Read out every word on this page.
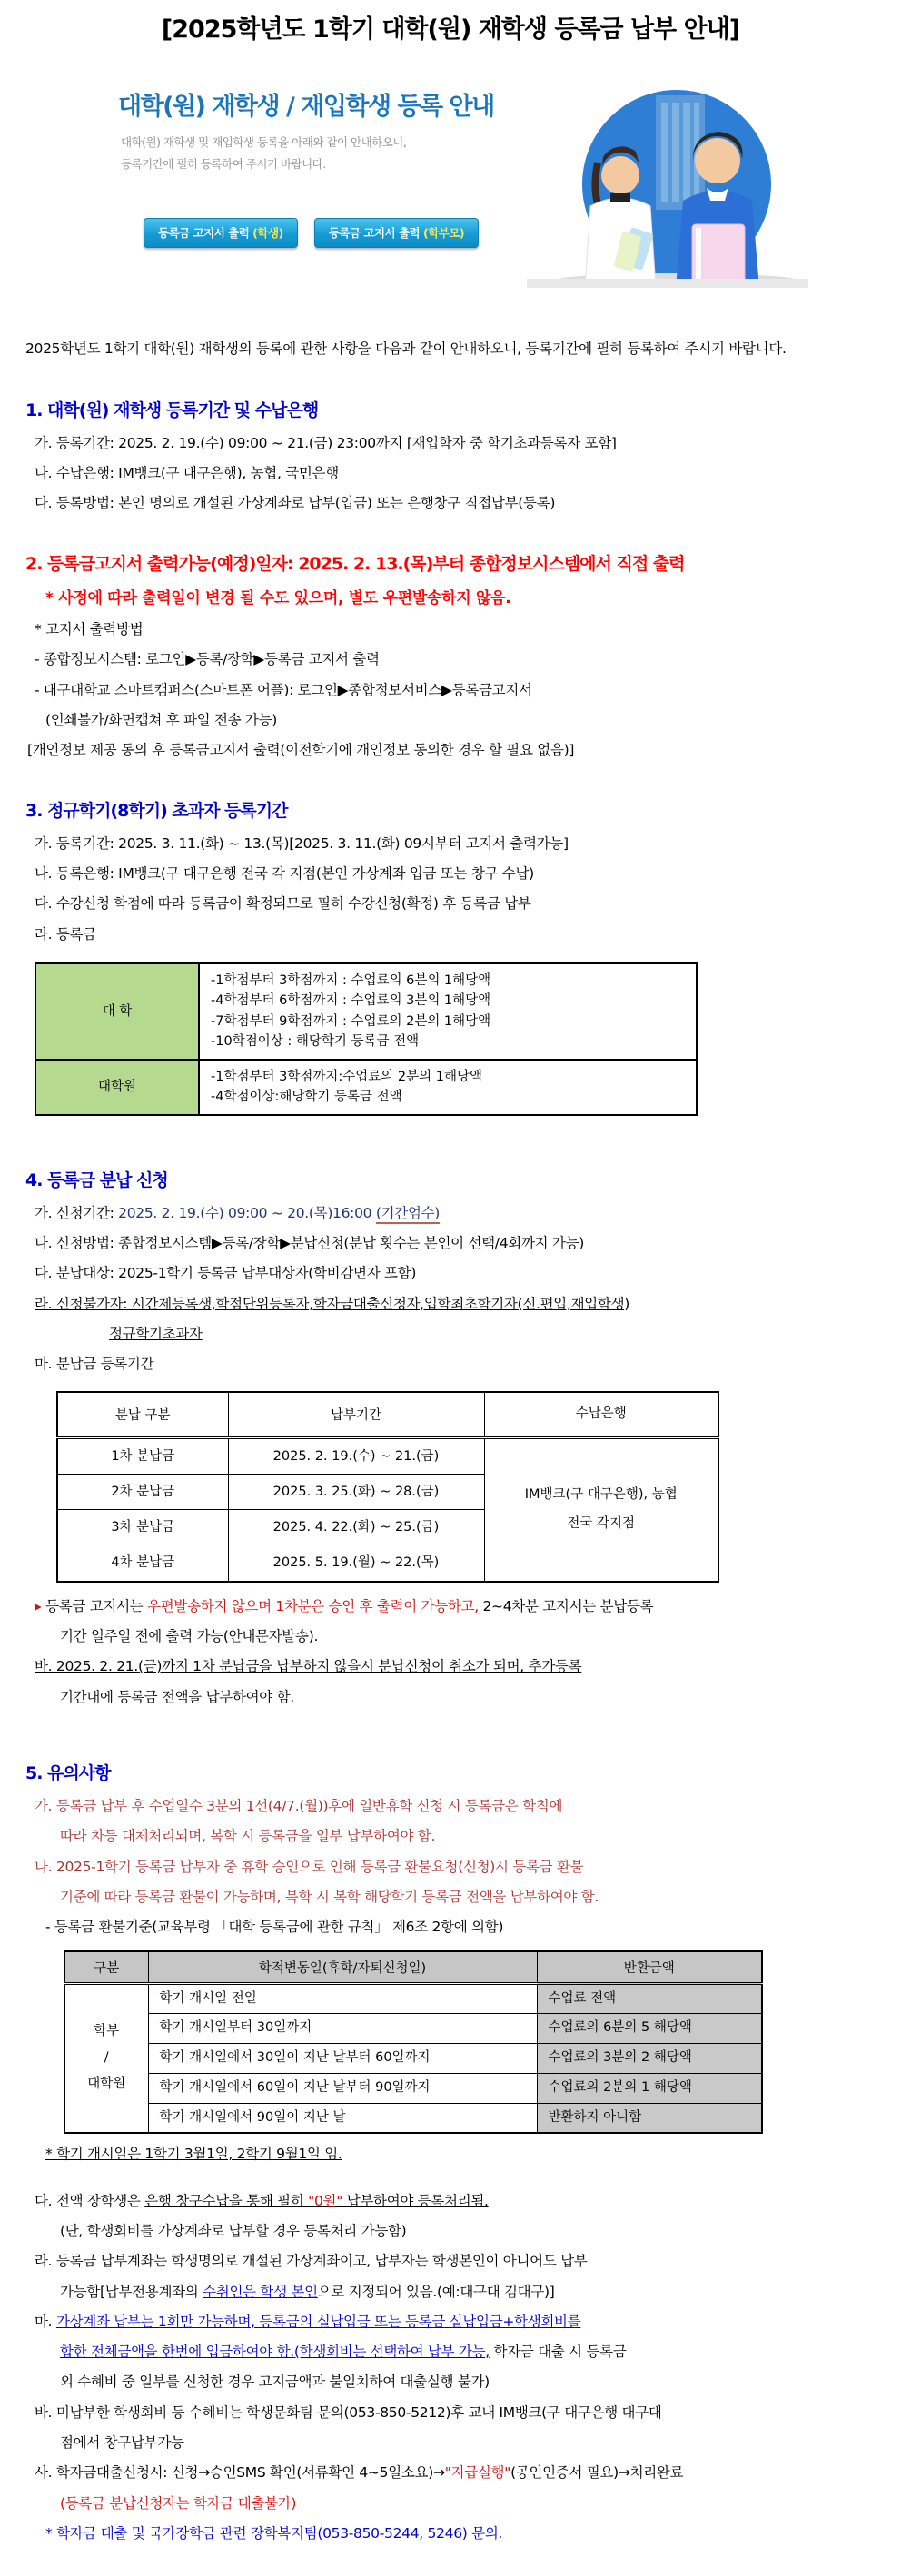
[2025학년도 1학기 대학(원) 재학생 등록금 납부 안내]
대학(원) 재학생 / 재입학생 등록 안내
대학(원) 재학생 및 재입학생 등록을 아래와 같이 안내하오니,
등록기간에 필히 등록하여 주시기 바랍니다.
등록금 고지서 출력 (학생)	등록금 고지서 출력 (학부모)
2025학년도 1학기 대학(원) 재학생의 등록에 관한 사항을 다음과 같이 안내하오니, 등록기간에 필히 등록하여 주시기 바랍니다.
1. 대학(원) 재학생 등록기간 및 수납은행
가. 등록기간: 2025. 2. 19.(수) 09:00 ~ 21.(금) 23:00까지 [재입학자 중 학기초과등록자 포함]
나. 수납은행: IM뱅크(구 대구은행), 농협, 국민은행
다. 등록방법: 본인 명의로 개설된 가상계좌로 납부(입금) 또는 은행창구 직접납부(등록)
2. 등록금고지서 출력가능(예정)일자: 2025. 2. 13.(목)부터 종합정보시스템에서 직접 출력
* 사정에 따라 출력일이 변경 될 수도 있으며, 별도 우편발송하지 않음.
* 고지서 출력방법
- 종합정보시스템: 로그인▶등록/장학▶등록금 고지서 출력
- 대구대학교 스마트캠퍼스(스마트폰 어플): 로그인▶종합정보서비스▶등록금고지서
(인쇄불가/화면캡쳐 후 파일 전송 가능)
[개인정보 제공 동의 후 등록금고지서 출력(이전학기에 개인정보 동의한 경우 할 필요 없음)]
3. 정규학기(8학기) 초과자 등록기간
가. 등록기간: 2025. 3. 11.(화) ~ 13.(목)[2025. 3. 11.(화) 09시부터 고지서 출력가능]
나. 등록은행: IM뱅크(구 대구은행 전국 각 지점(본인 가상계좌 입금 또는 창구 수납)
다. 수강신청 학점에 따라 등록금이 확정되므로 필히 수강신청(확정) 후 등록금 납부
라. 등록금
대 학	-1학점부터 3학점까지 : 수업료의 6분의 1해당액
-4학점부터 6학점까지 : 수업료의 3분의 1해당액
-7학점부터 9학점까지 : 수업료의 2분의 1해당액
-10학점이상 : 해당학기 등록금 전액

대학원	-1학점부터 3학점까지:수업료의 2분의 1해당액
-4학점이상:해당학기 등록금 전액
4. 등록금 분납 신청
가. 신청기간: 2025. 2. 19.(수) 09:00 ~ 20.(목)16:00 (기간엄수)
나. 신청방법: 종합정보시스템▶등록/장학▶분납신청(분납 횟수는 본인이 선택/4회까지 가능)
다. 분납대상: 2025-1학기 등록금 납부대상자(학비감면자 포함)
라. 신청불가자: 시간제등록생,학점단위등록자,학자금대출신청자,입학최초학기자(신.편입,재입학생)
정규학기초과자
마. 분납금 등록기간
분납 구분	납부기간	수납은행
1차 분납금	2025. 2. 19.(수) ~ 21.(금)	IM뱅크(구 대구은행), 농협
전국 각지점

2차 분납금	2025. 3. 25.(화) ~ 28.(금)	
3차 분납금	2025. 4. 22.(화) ~ 25.(금)	
4차 분납금	2025. 5. 19.(월) ~ 22.(목)	
▸ 등록금 고지서는 우편발송하지 않으며 1차분은 승인 후 출력이 가능하고, 2~4차분 고지서는 분납등록
기간 일주일 전에 출력 가능(안내문자발송).
바. 2025. 2. 21.(금)까지 1차 분납금을 납부하지 않을시 분납신청이 취소가 되며, 추가등록
기간내에 등록금 전액을 납부하여야 함.
5. 유의사항
가. 등록금 납부 후 수업일수 3분의 1선(4/7.(월))후에 일반휴학 신청 시 등록금은 학칙에
따라 차등 대체처리되며, 복학 시 등록금을 일부 납부하여야 함.
나. 2025-1학기 등록금 납부자 중 휴학 승인으로 인해 등록금 환불요청(신청)시 등록금 환불
기준에 따라 등록금 환불이 가능하며, 복학 시 복학 해당학기 등록금 전액을 납부하여야 함.
- 등록금 환불기준(교육부령 「대학 등록금에 관한 규칙」 제6조 2항에 의함)
구분	학적변동일(휴학/자퇴신청일)	반환금액

학부
/
대학원	학기 개시일 전일	수업료 전액
	학기 개시일부터 30일까지	수업료의 6분의 5 해당액
	학기 개시일에서 30일이 지난 날부터 60일까지	수업료의 3분의 2 해당액
	학기 개시일에서 60일이 지난 날부터 90일까지	수업료의 2분의 1 해당액
	학기 개시일에서 90일이 지난 날	반환하지 아니함
* 학기 개시일은 1학기 3월1일, 2학기 9월1일 임.
다. 전액 장학생은 은행 창구수납을 통해 필히 "0원" 납부하여야 등록처리됨.
(단, 학생회비를 가상계좌로 납부할 경우 등록처리 가능함)
라. 등록금 납부계좌는 학생명의로 개설된 가상계좌이고, 납부자는 학생본인이 아니어도 납부
가능함[납부전용계좌의 수취인은 학생 본인으로 지정되어 있음.(예:대구대 김대구)]
마. 가상계좌 납부는 1회만 가능하며, 등록금의 실납입금 또는 등록금 실납입금+학생회비를
합한 전체금액을 한번에 입금하여야 함.(학생회비는 선택하여 납부 가능, 학자금 대출 시 등록금
외 수혜비 중 일부를 신청한 경우 고지금액과 불일치하여 대출실행 불가)
바. 미납부한 학생회비 등 수혜비는 학생문화팀 문의(053-850-5212)후 교내 IM뱅크(구 대구은행 대구대
점에서 창구납부가능
사. 학자금대출신청시: 신청→승인SMS 확인(서류확인 4~5일소요)→"지급실행"(공인인증서 필요)→처리완료
(등록금 분납신청자는 학자금 대출불가)
* 학자금 대출 및 국가장학금 관련 장학복지팀(053-850-5244, 5246) 문의.
